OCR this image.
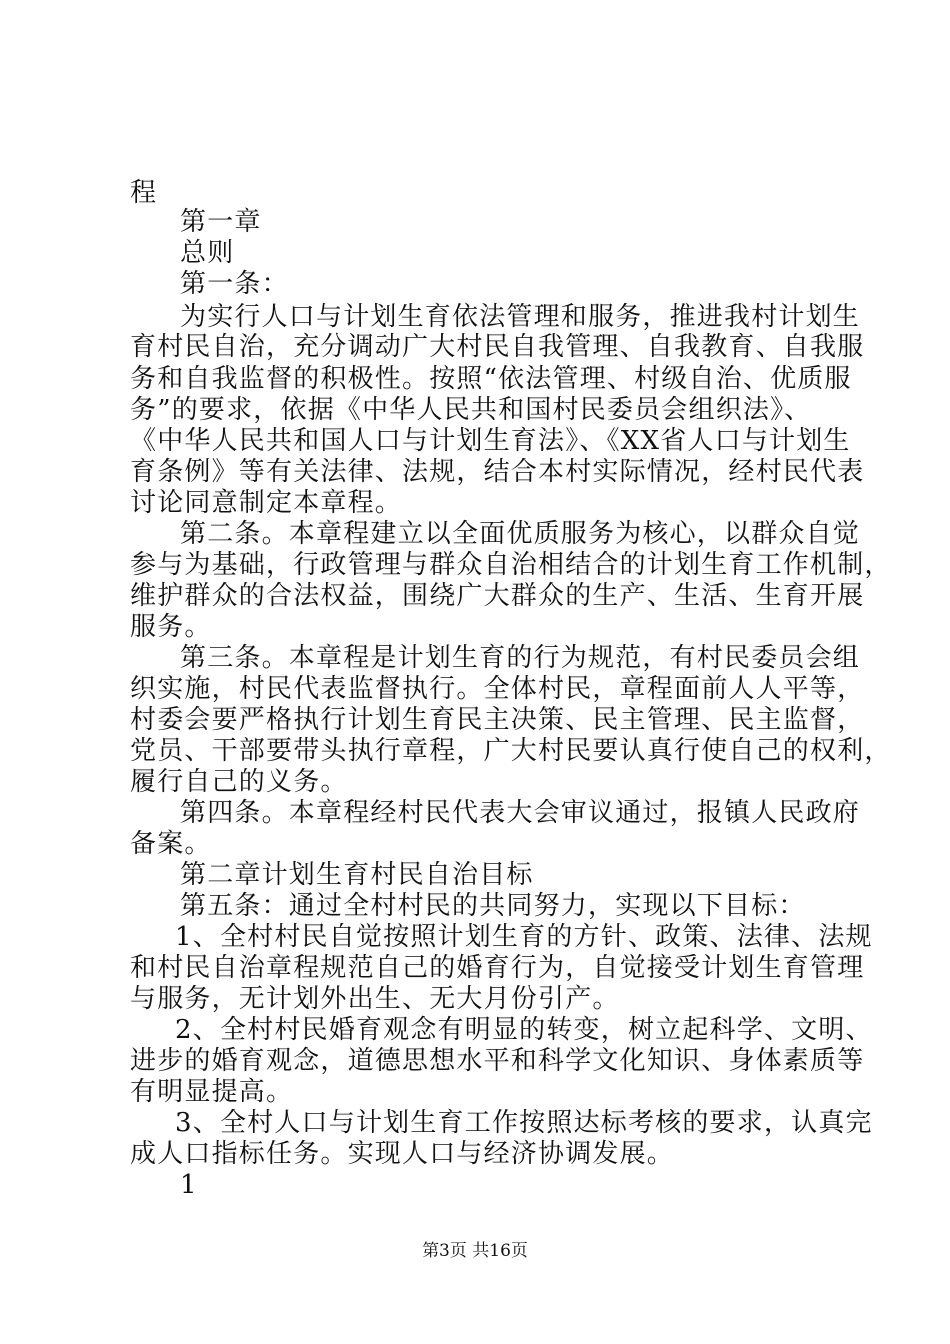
程
第一章
总则
第一条：
为实行人口与计划生育依法管理和服务，推进我村计划生
育村民自治，充分调动广大村民自我管理、自我教育、自我服
务和自我监督的积极性。按照“依法管理、村级自治、优质服
务”的要求，依据《中华人民共和国村民委员会组织法》、
《中华人民共和国人口与计划生育法》、《XX省人口与计划生
育条例》等有关法律、法规，结合本村实际情况，经村民代表
讨论同意制定本章程。
第二条。本章程建立以全面优质服务为核心，以群众自觉
参与为基础，行政管理与群众自治相结合的计划生育工作机制，
维护群众的合法权益，围绕广大群众的生产、生活、生育开展
服务。
第三条。本章程是计划生育的行为规范，有村民委员会组
织实施，村民代表监督执行。全体村民，章程面前人人平等，
村委会要严格执行计划生育民主决策、民主管理、民主监督，
党员、干部要带头执行章程，广大村民要认真行使自己的权利，
履行自己的义务。
第四条。本章程经村民代表大会审议通过，报镇人民政府
备案。
第二章计划生育村民自治目标
第五条：通过全村村民的共同努力，实现以下目标：
1、全村村民自觉按照计划生育的方针、政策、法律、法规
和村民自治章程规范自己的婚育行为，自觉接受计划生育管理
与服务，无计划外出生、无大月份引产。
2、全村村民婚育观念有明显的转变，树立起科学、文明、
进步的婚育观念，道德思想水平和科学文化知识、身体素质等
有明显提高。
3、全村人口与计划生育工作按照达标考核的要求，认真完
成人口指标任务。实现人口与经济协调发展。
1
第3页 共16页
